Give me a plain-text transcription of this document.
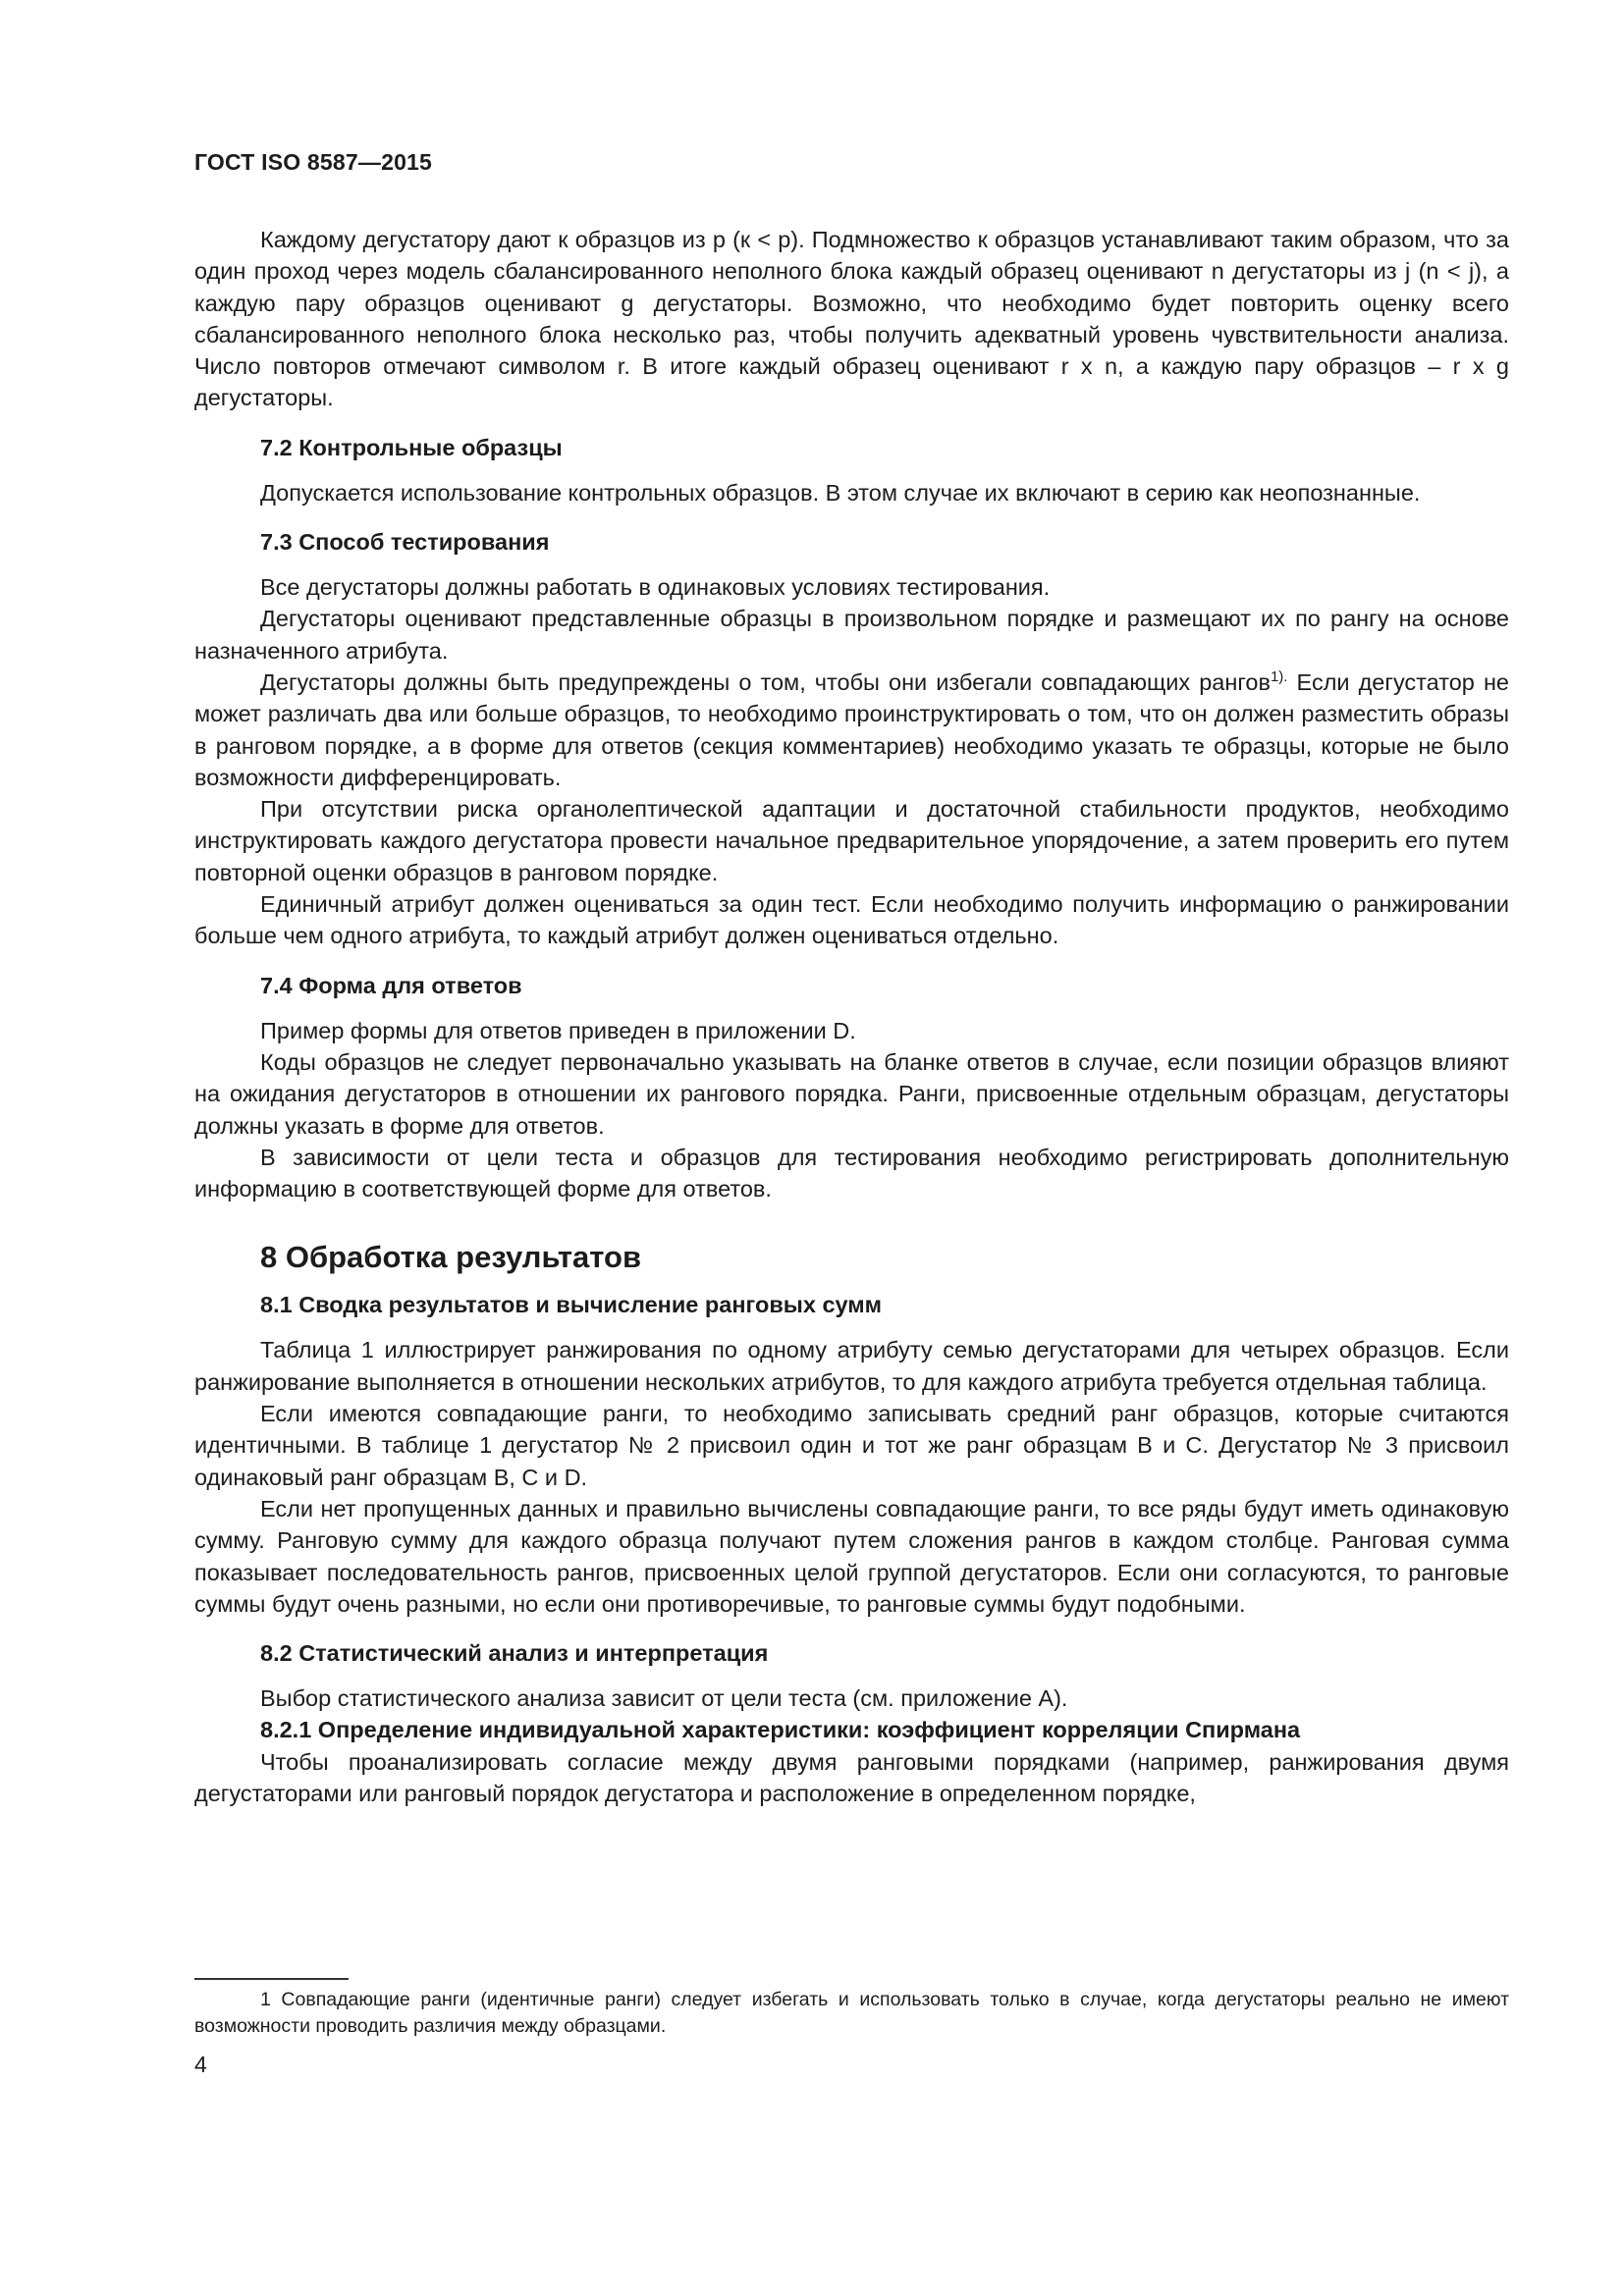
ГОСТ ISO 8587—2015

Каждому дегустатору дают к образцов из р (к < р). Подмножество к образцов устанавливают таким образом, что за один проход через модель сбалансированного неполного блока каждый образец оценивают n дегустаторы из j (n < j), а каждую пару образцов оценивают g дегустаторы. Возможно, что необходимо будет повторить оценку всего сбалансированного неполного блока несколько раз, чтобы получить адекватный уровень чувствительности анализа. Число повторов отмечают символом r. В итоге каждый образец оценивают r x n, а каждую пару образцов – r x g дегустаторы.

7.2 Контрольные образцы

Допускается использование контрольных образцов. В этом случае их включают в серию как неопознанные.

7.3 Способ тестирования

Все дегустаторы должны работать в одинаковых условиях тестирования.

Дегустаторы оценивают представленные образцы в произвольном порядке и размещают их по рангу на основе назначенного атрибута.

Дегустаторы должны быть предупреждены о том, чтобы они избегали совпадающих рангов$^{1).}$ Если дегустатор не может различать два или больше образцов, то необходимо проинструктировать о том, что он должен разместить образы в ранговом порядке, а в форме для ответов (секция комментариев) необходимо указать те образцы, которые не было возможности дифференцировать.

При отсутствии риска органолептической адаптации и достаточной стабильности продуктов, необходимо инструктировать каждого дегустатора провести начальное предварительное упорядочение, а затем проверить его путем повторной оценки образцов в ранговом порядке.

Единичный атрибут должен оцениваться за один тест. Если необходимо получить информацию о ранжировании больше чем одного атрибута, то каждый атрибут должен оцениваться отдельно.

7.4 Форма для ответов

Пример формы для ответов приведен в приложении D.

Коды образцов не следует первоначально указывать на бланке ответов в случае, если позиции образцов влияют на ожидания дегустаторов в отношении их рангового порядка. Ранги, присвоенные отдельным образцам, дегустаторы должны указать в форме для ответов.

В зависимости от цели теста и образцов для тестирования необходимо регистрировать дополнительную информацию в соответствующей форме для ответов.

8 Обработка результатов
8.1 Сводка результатов и вычисление ранговых сумм

Таблица 1 иллюстрирует ранжирования по одному атрибуту семью дегустаторами для четырех образцов. Если ранжирование выполняется в отношении нескольких атрибутов, то для каждого атрибута требуется отдельная таблица.

Если имеются совпадающие ранги, то необходимо записывать средний ранг образцов, которые считаются идентичными. В таблице 1 дегустатор № 2 присвоил один и тот же ранг образцам B и C. Дегустатор № 3 присвоил одинаковый ранг образцам B, C и D.

Если нет пропущенных данных и правильно вычислены совпадающие ранги, то все ряды будут иметь одинаковую сумму. Ранговую сумму для каждого образца получают путем сложения рангов в каждом столбце. Ранговая сумма показывает последовательность рангов, присвоенных целой группой дегустаторов. Если они согласуются, то ранговые суммы будут очень разными, но если они противоречивые, то ранговые суммы будут подобными.

8.2 Статистический анализ и интерпретация

Выбор статистического анализа зависит от цели теста (см. приложение А).

8.2.1 Определение индивидуальной характеристики: коэффициент корреляции Спирмана

Чтобы проанализировать согласие между двумя ранговыми порядками (например, ранжирования двумя дегустаторами или ранговый порядок дегустатора и расположение в определенном порядке,

1 Совпадающие ранги (идентичные ранги) следует избегать и использовать только в случае, когда дегустаторы реально не имеют возможности проводить различия между образцами.
4
